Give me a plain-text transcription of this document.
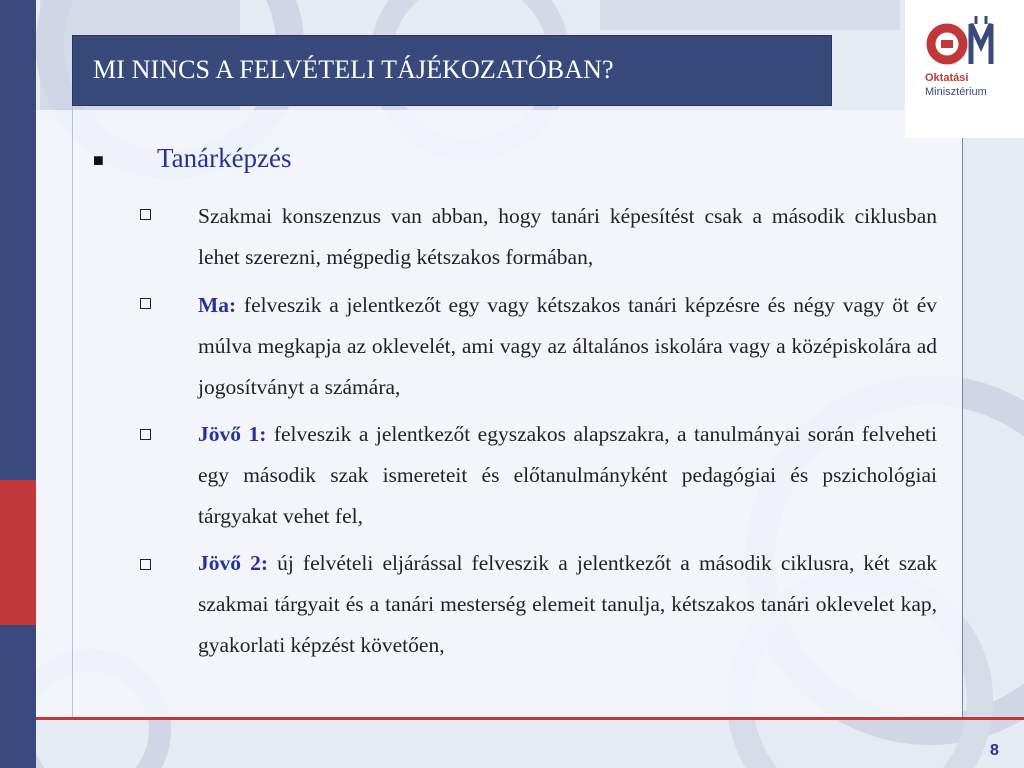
MI NINCS A FELVÉTELI TÁJÉKOZATÓBAN?	Oktatási
Minisztérium
■ Tanárképzés
Szakmai konszenzus van abban, hogy tanári képesítést csak a második ciklusban lehet szerezni, mégpedig kétszakos formában,
Ma: felveszik a jelentkezőt egy vagy kétszakos tanári képzésre és négy vagy öt év múlva megkapja az oklevelét, ami vagy az általános iskolára vagy a középiskolára ad jogosítványt a számára,
Jövő 1: felveszik a jelentkezőt egyszakos alapszakra, a tanulmányai során felveheti egy második szak ismereteit és előtanulmányként pedagógiai és pszichológiai tárgyakat vehet fel,
Jövő 2: új felvételi eljárással felveszik a jelentkezőt a második ciklusra, két szak szakmai tárgyait és a tanári mesterség elemeit tanulja, kétszakos tanári oklevelet kap, gyakorlati képzést követően,
8
